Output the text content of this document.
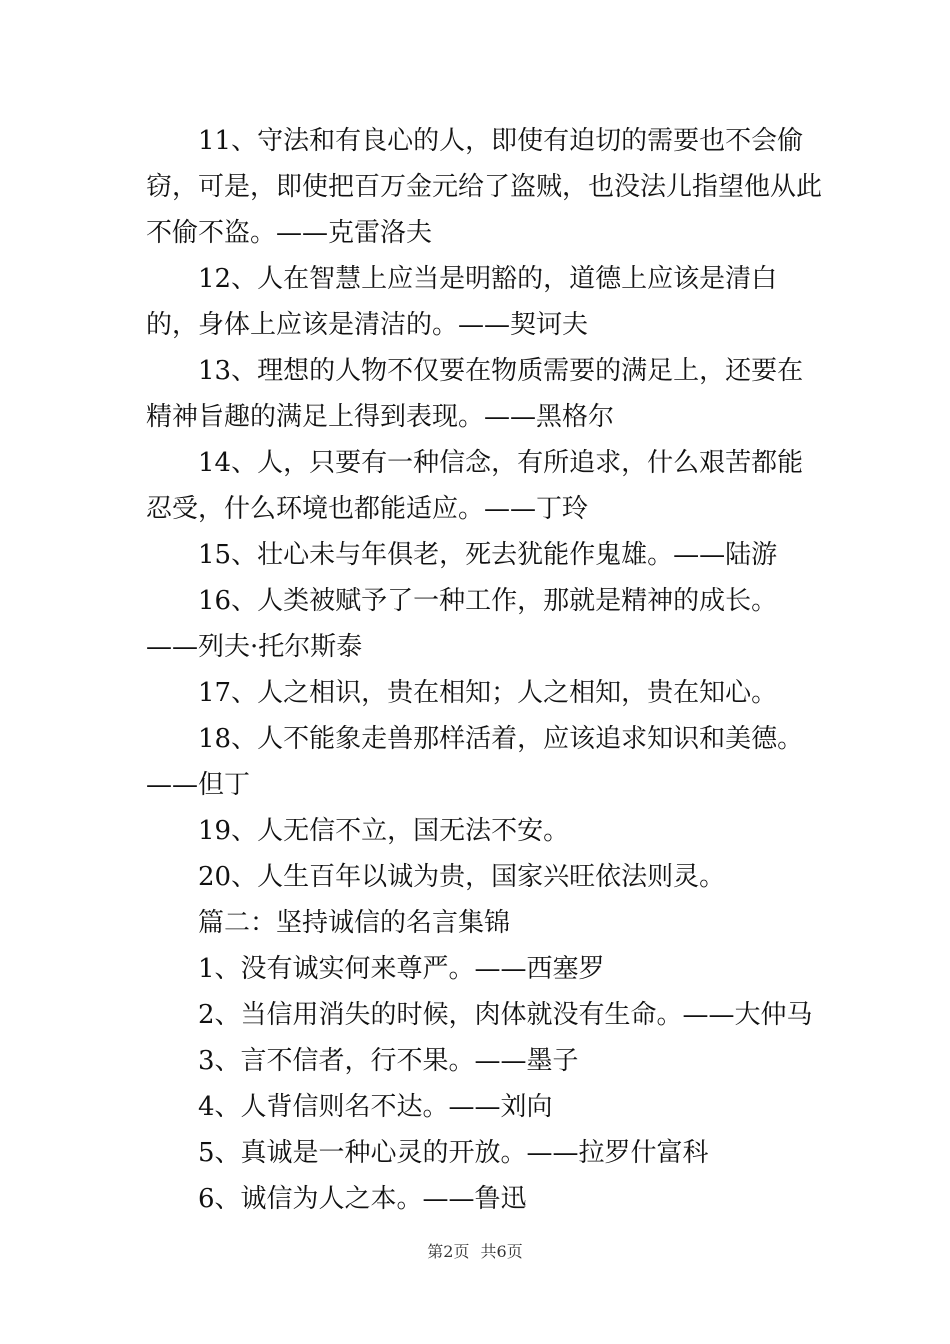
11、守法和有良心的人，即使有迫切的需要也不会偷窃，可是，即使把百万金元给了盗贼，也没法儿指望他从此不偷不盗。——克雷洛夫

12、人在智慧上应当是明豁的，道德上应该是清白的，身体上应该是清洁的。——契诃夫

13、理想的人物不仅要在物质需要的满足上，还要在精神旨趣的满足上得到表现。——黑格尔

14、人，只要有一种信念，有所追求，什么艰苦都能忍受，什么环境也都能适应。——丁玲

15、壮心未与年俱老，死去犹能作鬼雄。——陆游

16、人类被赋予了一种工作，那就是精神的成长。——列夫·托尔斯泰

17、人之相识，贵在相知；人之相知，贵在知心。

18、人不能象走兽那样活着，应该追求知识和美德。——但丁

19、人无信不立，国无法不安。

20、人生百年以诚为贵，国家兴旺依法则灵。

篇二：坚持诚信的名言集锦

1、没有诚实何来尊严。——西塞罗

2、当信用消失的时候，肉体就没有生命。——大仲马

3、言不信者，行不果。——墨子

4、人背信则名不达。——刘向

5、真诚是一种心灵的开放。——拉罗什富科

6、诚信为人之本。——鲁迅

第2页 共6页
